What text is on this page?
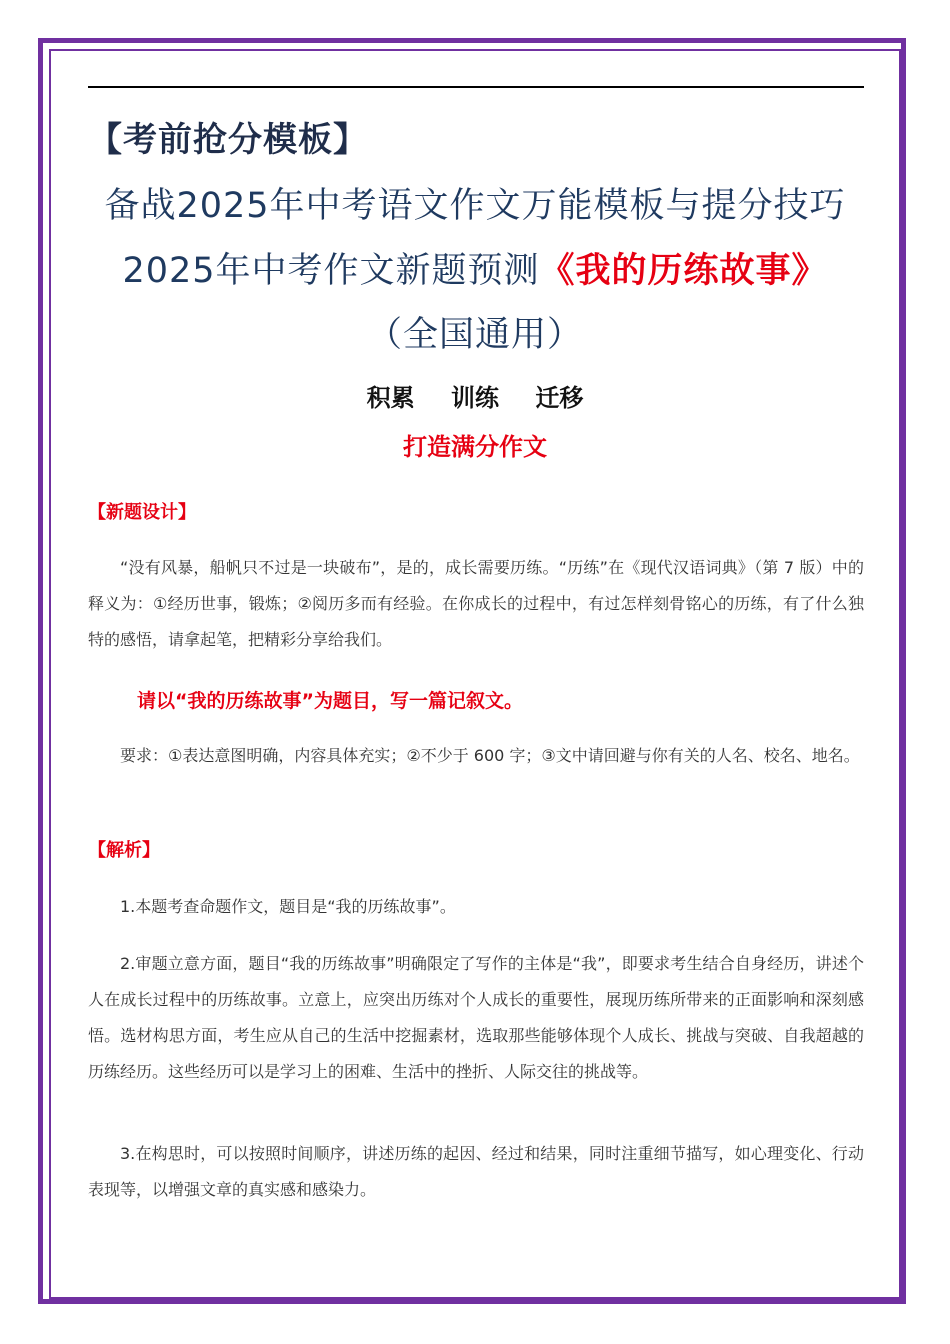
【考前抢分模板】
备战2025年中考语文作文万能模板与提分技巧
2025年中考作文新题预测《我的历练故事》
（全国通用）
积累 训练 迁移
打造满分作文
【新题设计】
“没有风暴，船帆只不过是一块破布”，是的，成长需要历练。“历练”在《现代汉语词典》（第 7 版）中的释义为：①经历世事，锻炼；②阅历多而有经验。在你成长的过程中，有过怎样刻骨铭心的历练，有了什么独特的感悟，请拿起笔，把精彩分享给我们。
请以“我的历练故事”为题目，写一篇记叙文。
要求：①表达意图明确，内容具体充实；②不少于 600 字；③文中请回避与你有关的人名、校名、地名。
【解析】
1.本题考查命题作文，题目是“我的历练故事”。
2.审题立意方面，题目“我的历练故事”明确限定了写作的主体是“我”，即要求考生结合自身经历，讲述个人在成长过程中的历练故事。立意上，应突出历练对个人成长的重要性，展现历练所带来的正面影响和深刻感悟。选材构思方面，考生应从自己的生活中挖掘素材，选取那些能够体现个人成长、挑战与突破、自我超越的历练经历。这些经历可以是学习上的困难、生活中的挫折、人际交往的挑战等。
3.在构思时，可以按照时间顺序，讲述历练的起因、经过和结果，同时注重细节描写，如心理变化、行动表现等，以增强文章的真实感和感染力。
